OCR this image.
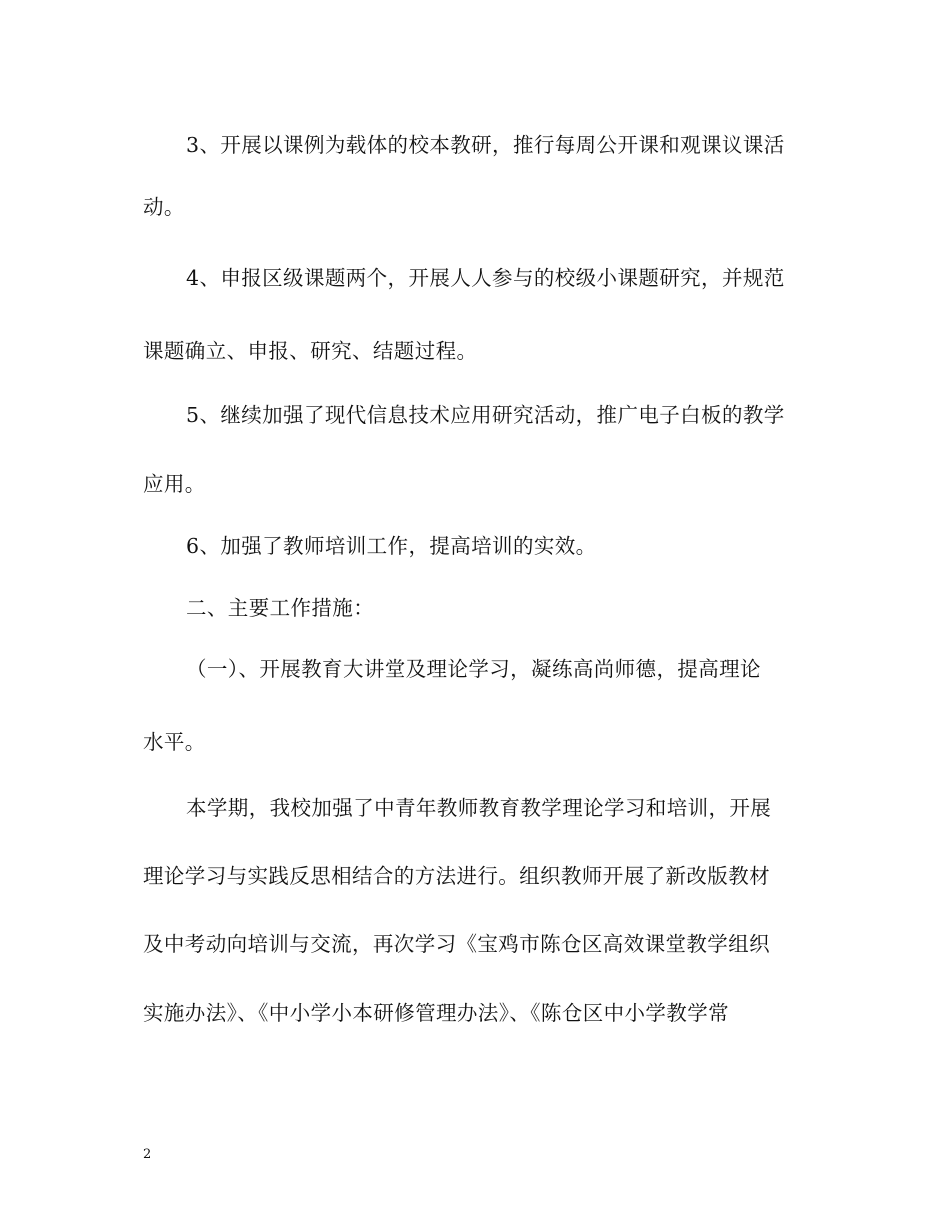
3、开展以课例为载体的校本教研，推行每周公开课和观课议课活
动。
4、申报区级课题两个，开展人人参与的校级小课题研究，并规范
课题确立、申报、研究、结题过程。
5、继续加强了现代信息技术应用研究活动，推广电子白板的教学
应用。
6、加强了教师培训工作，提高培训的实效。
二、主要工作措施：
（一）、开展教育大讲堂及理论学习，凝练高尚师德，提高理论
水平。
本学期，我校加强了中青年教师教育教学理论学习和培训，开展
理论学习与实践反思相结合的方法进行。组织教师开展了新改版教材
及中考动向培训与交流，再次学习《宝鸡市陈仓区高效课堂教学组织
实施办法》、《中小学小本研修管理办法》、《陈仓区中小学教学常
2
